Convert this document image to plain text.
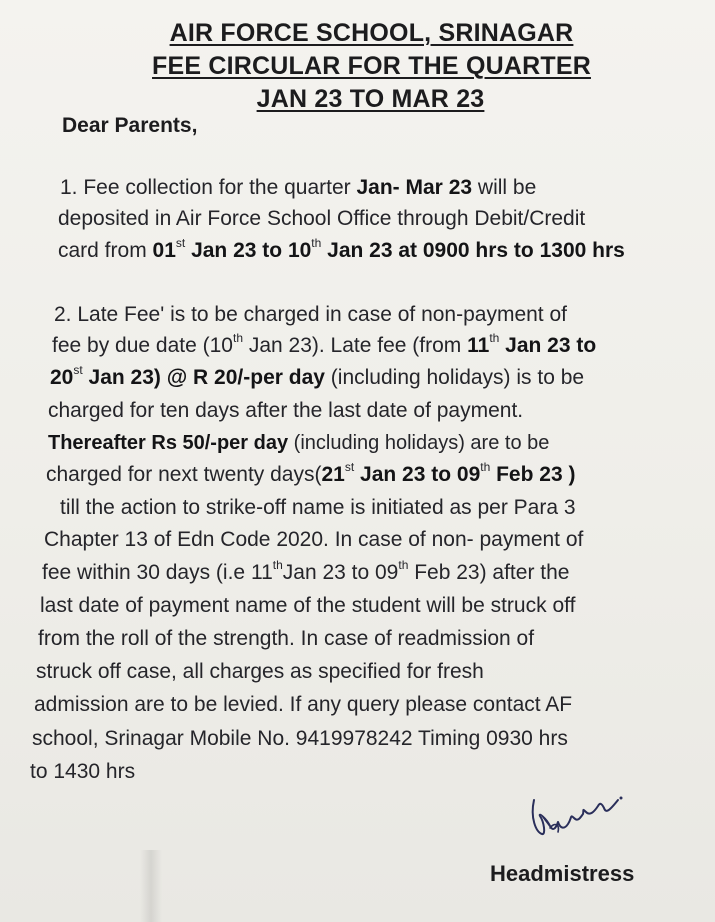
AIR FORCE SCHOOL, SRINAGAR
FEE CIRCULAR FOR THE QUARTER
JAN 23 TO MAR 23
Dear Parents,
1. Fee collection for the quarter Jan- Mar 23 will be
deposited in Air Force School Office through Debit/Credit
card from 01st Jan 23 to 10th Jan 23 at 0900 hrs to 1300 hrs
2. Late Fee' is to be charged in case of non-payment of
fee by due date (10th Jan 23). Late fee (from 11th Jan 23 to
20st Jan 23) @ R 20/-per day (including holidays) is to be
charged for ten days after the last date of payment.
Thereafter Rs 50/-per day (including holidays) are to be
charged for next twenty days(21st Jan 23 to 09th Feb 23 )
till the action to strike-off name is initiated as per Para 3
Chapter 13 of Edn Code 2020. In case of non- payment of
fee within 30 days (i.e 11thJan 23 to 09th Feb 23) after the
last date of payment name of the student will be struck off
from the roll of the strength. In case of readmission of
struck off case, all charges as specified for fresh
admission are to be levied. If any query please contact AF
school, Srinagar Mobile No. 9419978242 Timing 0930 hrs
to 1430 hrs
Headmistress
